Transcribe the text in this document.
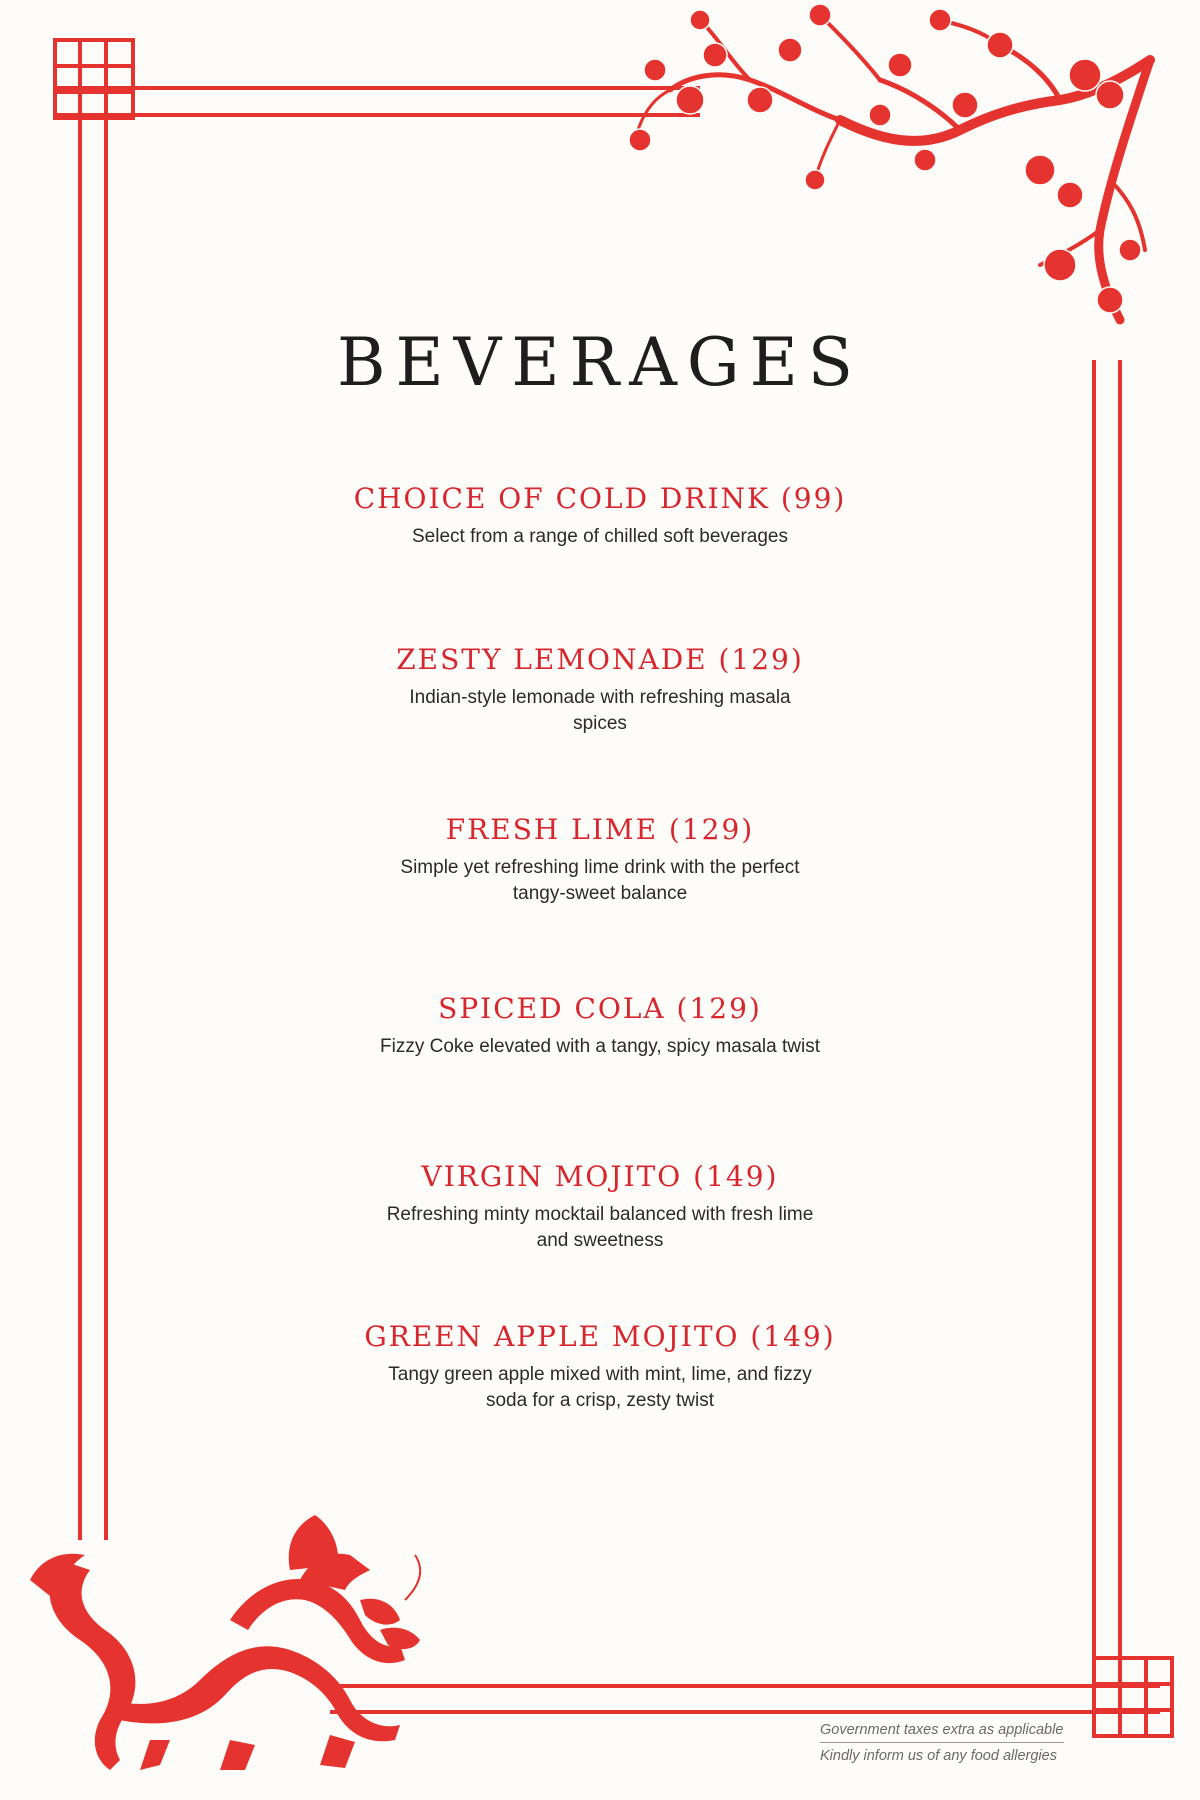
BEVERAGES
CHOICE OF COLD DRINK (99)
Select from a range of chilled soft beverages
ZESTY LEMONADE (129)
Indian-style lemonade with refreshing masala spices
FRESH LIME (129)
Simple yet refreshing lime drink with the perfect tangy-sweet balance
SPICED COLA (129)
Fizzy Coke elevated with a tangy, spicy masala twist
VIRGIN MOJITO (149)
Refreshing minty mocktail balanced with fresh lime and sweetness
GREEN APPLE MOJITO (149)
Tangy green apple mixed with mint, lime, and fizzy soda for a crisp, zesty twist
Government taxes extra as applicable
Kindly inform us of any food allergies
